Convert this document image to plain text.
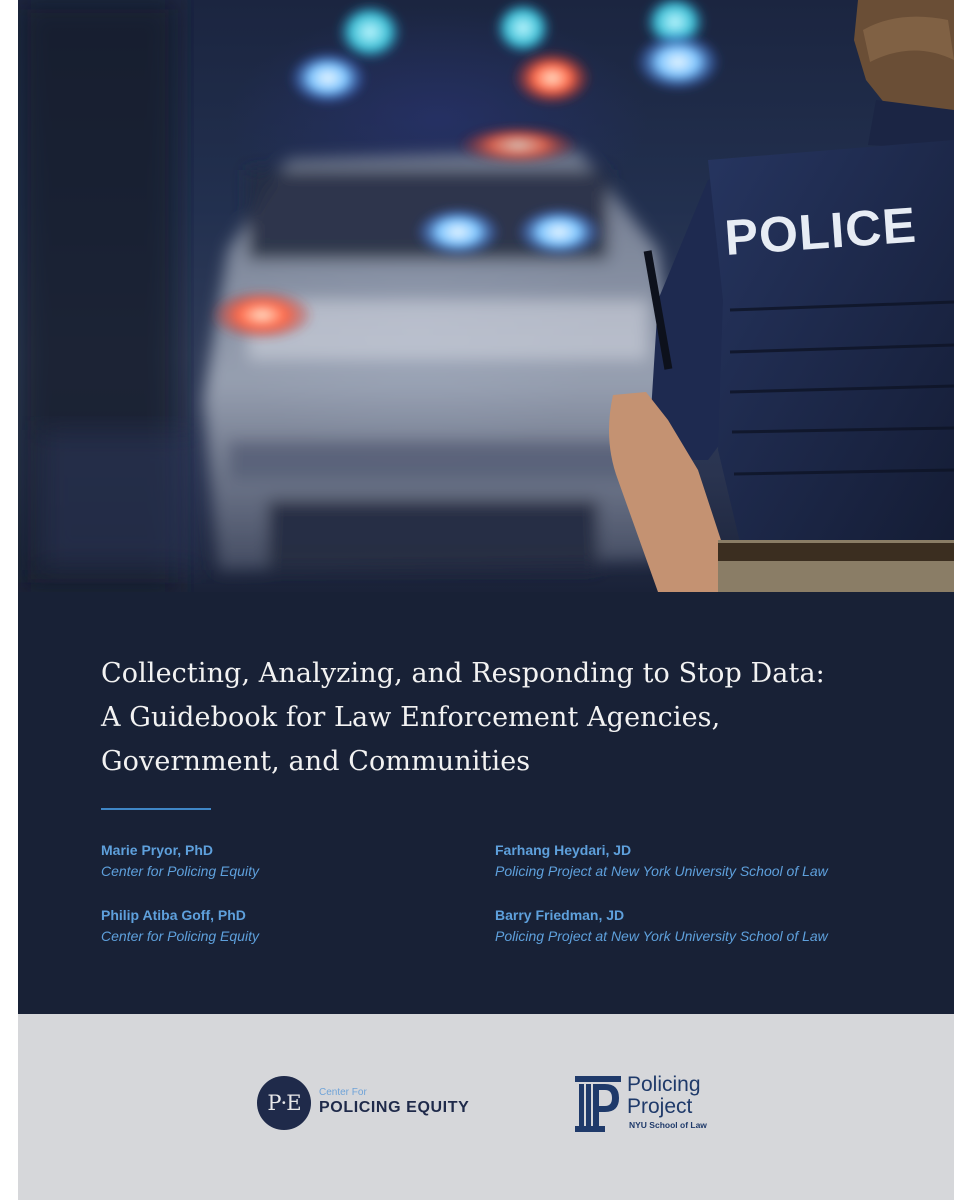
POLICE
Collecting, Analyzing, and Responding to Stop Data:
A Guidebook for Law Enforcement Agencies,
Government, and Communities
Marie Pryor, PhD
Center for Policing Equity
Philip Atiba Goff, PhD
Center for Policing Equity
Farhang Heydari, JD
Policing Project at New York University School of Law
Barry Friedman, JD
Policing Project at New York University School of Law
P·E	Center For
POLICING EQUITY
Policing
Project
NYU School of Law
